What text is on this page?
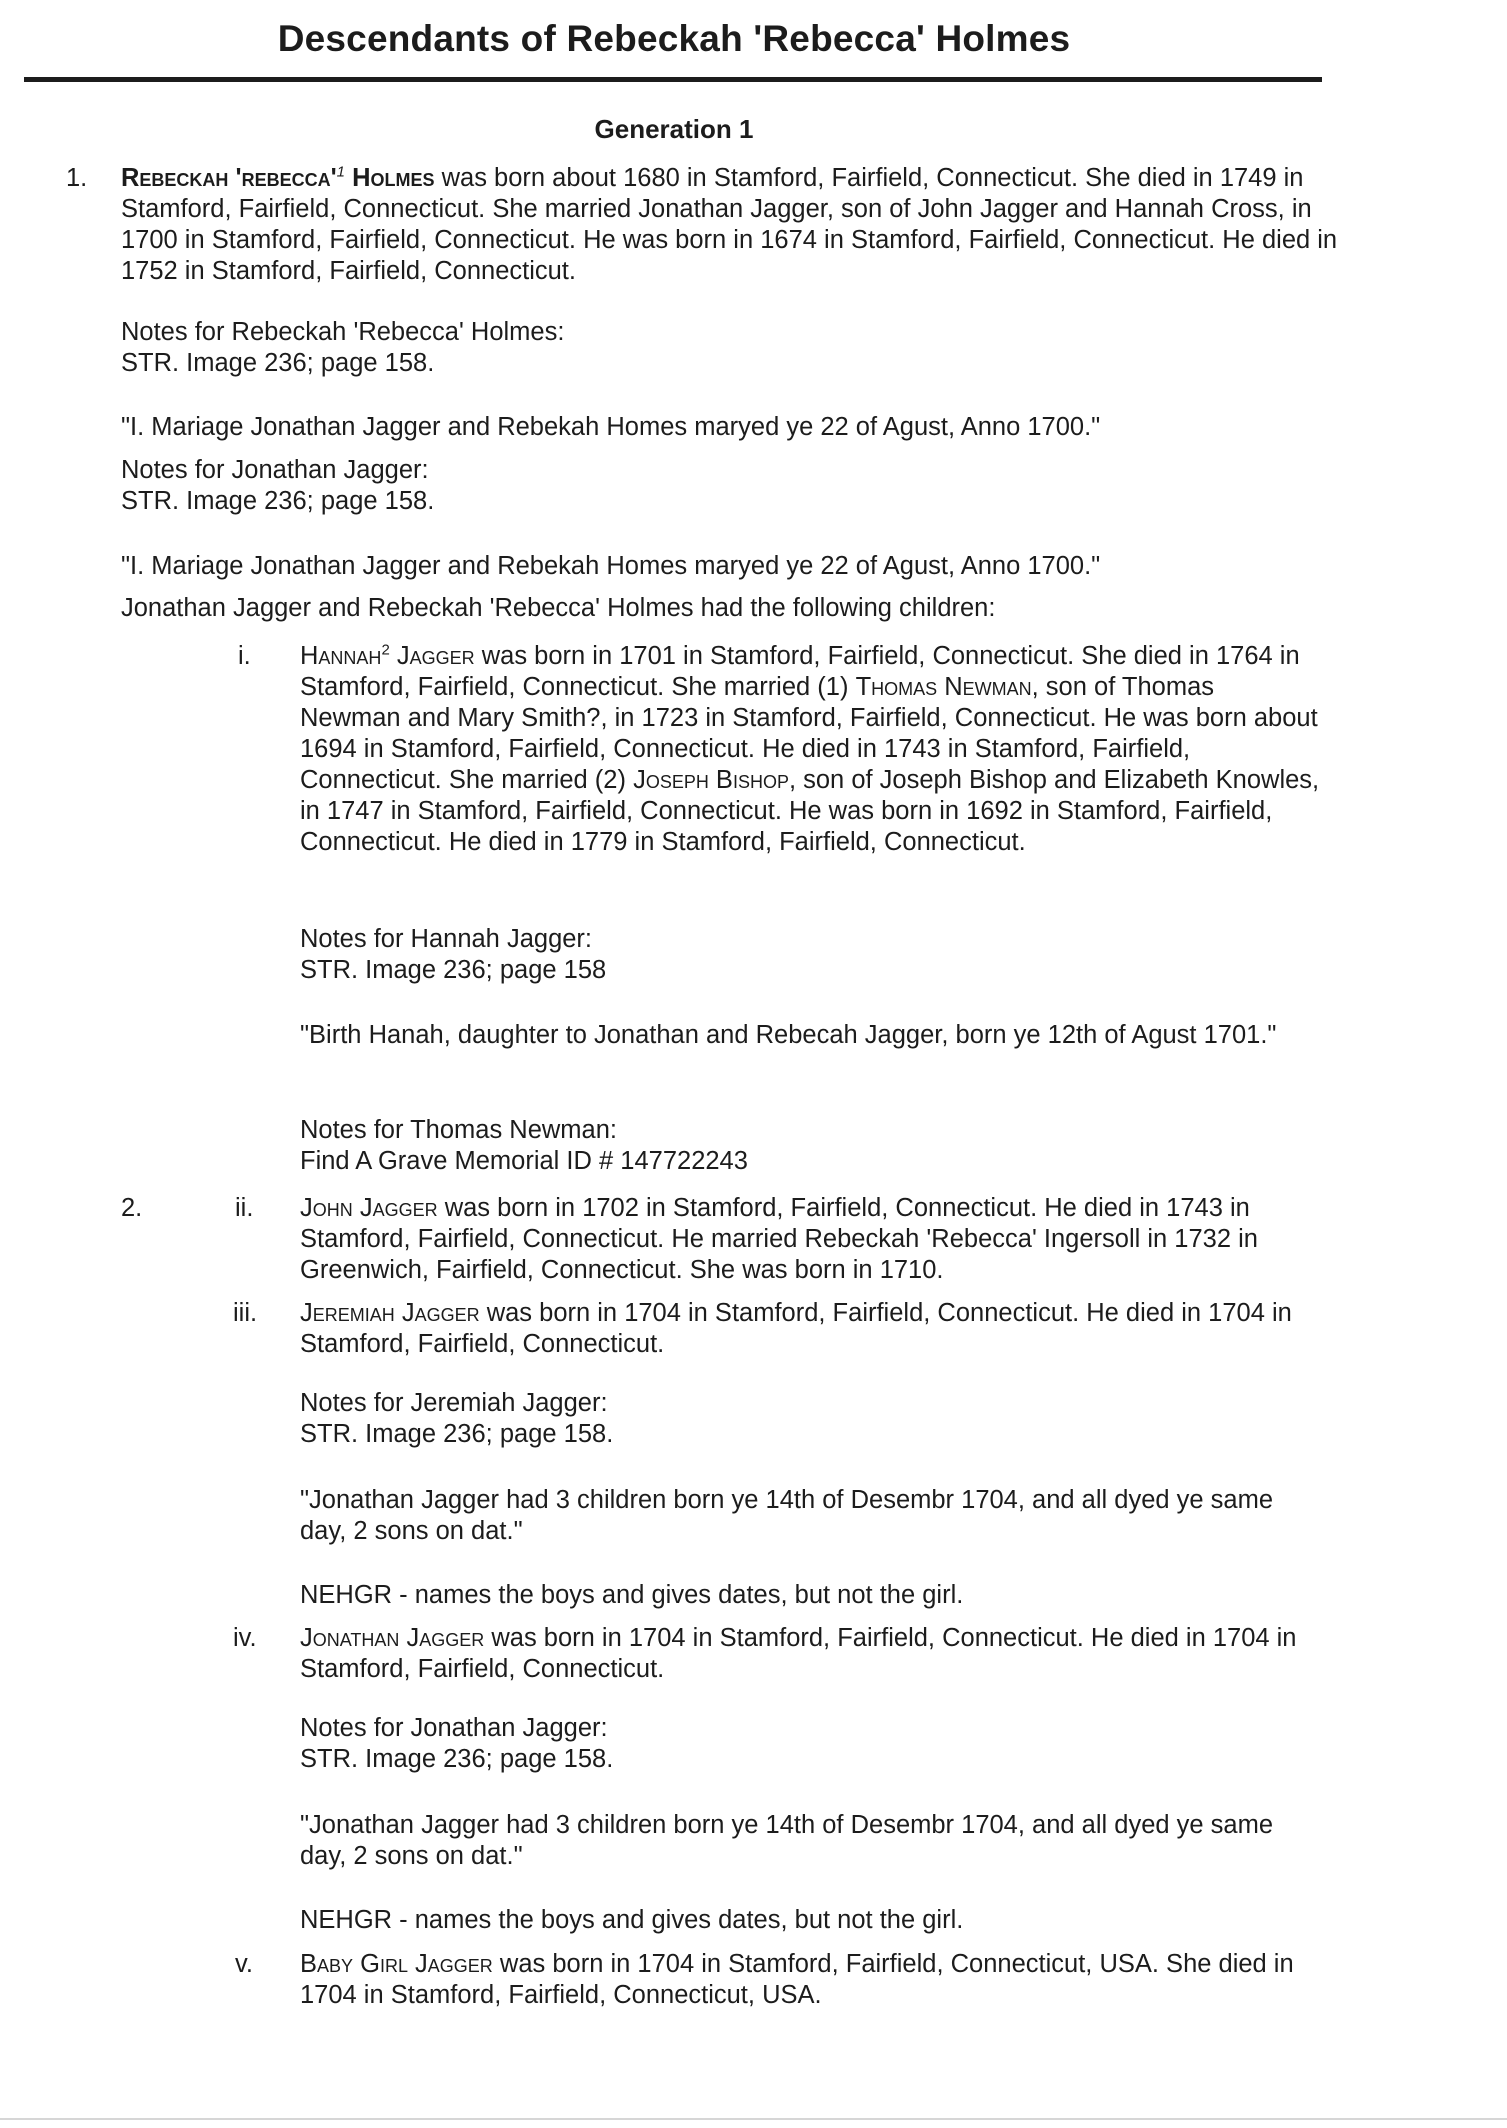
Descendants of Rebeckah 'Rebecca' Holmes
Generation 1
1. Rebeckah '$rebecca'^1$ Holmes was born about 1680 in Stamford, Fairfield, Connecticut. She died in 1749 in Stamford, Fairfield, Connecticut. She married Jonathan Jagger, son of John Jagger and Hannah Cross, in 1700 in Stamford, Fairfield, Connecticut. He was born in 1674 in Stamford, Fairfield, Connecticut. He died in 1752 in Stamford, Fairfield, Connecticut.

Notes for Rebeckah 'Rebecca' Holmes:
STR. Image 236; page 158.
"I. Mariage Jonathan Jagger and Rebekah Homes maryed ye 22 of Agust, Anno 1700."
Notes for Jonathan Jagger:
STR. Image 236; page 158.
"I. Mariage Jonathan Jagger and Rebekah Homes maryed ye 22 of Agust, Anno 1700."
Jonathan Jagger and Rebeckah 'Rebecca' Holmes had the following children:
i. Hannah$^2$ Jagger was born in 1701 in Stamford, Fairfield, Connecticut. She died in 1764 in Stamford, Fairfield, Connecticut. She married (1) Thomas Newman, son of Thomas Newman and Mary Smith?, in 1723 in Stamford, Fairfield, Connecticut. He was born about 1694 in Stamford, Fairfield, Connecticut. He died in 1743 in Stamford, Fairfield, Connecticut. She married (2) Joseph Bishop, son of Joseph Bishop and Elizabeth Knowles, in 1747 in Stamford, Fairfield, Connecticut. He was born in 1692 in Stamford, Fairfield, Connecticut. He died in 1779 in Stamford, Fairfield, Connecticut.

Notes for Hannah Jagger:
STR. Image 236; page 158
"Birth Hanah, daughter to Jonathan and Rebecah Jagger, born ye 12th of Agust 1701."
Notes for Thomas Newman:
Find A Grave Memorial ID # 147722243
2.	ii. John Jagger was born in 1702 in Stamford, Fairfield, Connecticut. He died in 1743 in Stamford, Fairfield, Connecticut. He married Rebeckah 'Rebecca' Ingersoll in 1732 in Greenwich, Fairfield, Connecticut. She was born in 1710.

iii. Jeremiah Jagger was born in 1704 in Stamford, Fairfield, Connecticut. He died in 1704 in Stamford, Fairfield, Connecticut.

Notes for Jeremiah Jagger:
STR. Image 236; page 158.
"Jonathan Jagger had 3 children born ye 14th of Desembr 1704, and all dyed ye same day, 2 sons on dat."
NEHGR - names the boys and gives dates, but not the girl.
iv. Jonathan Jagger was born in 1704 in Stamford, Fairfield, Connecticut. He died in 1704 in Stamford, Fairfield, Connecticut.

Notes for Jonathan Jagger:
STR. Image 236; page 158.
"Jonathan Jagger had 3 children born ye 14th of Desembr 1704, and all dyed ye same day, 2 sons on dat."
NEHGR - names the boys and gives dates, but not the girl.
v. Baby Girl Jagger was born in 1704 in Stamford, Fairfield, Connecticut, USA. She died in 1704 in Stamford, Fairfield, Connecticut, USA.
